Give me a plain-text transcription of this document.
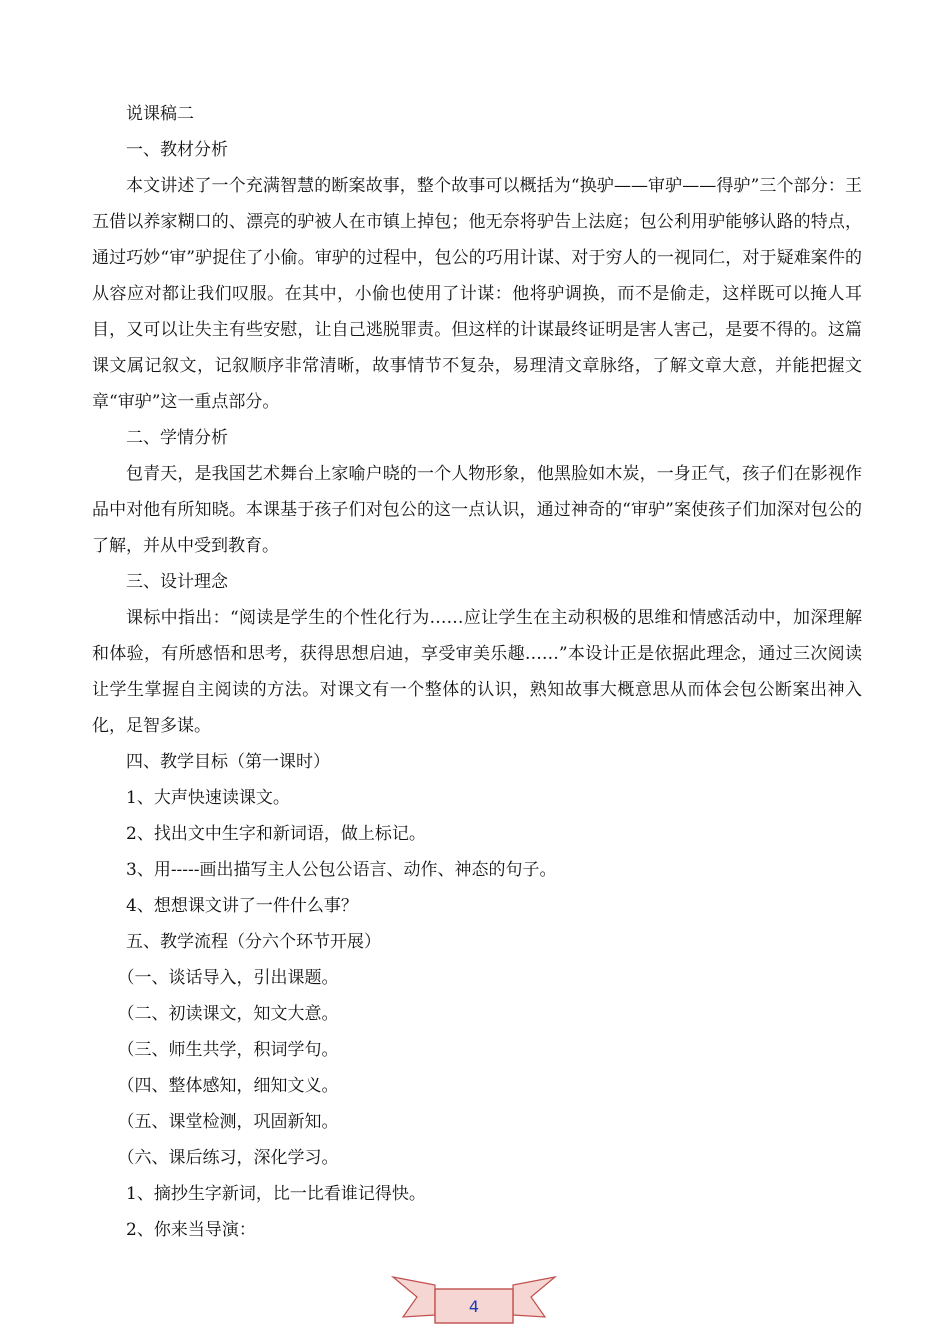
说课稿二

一、教材分析

本文讲述了一个充满智慧的断案故事，整个故事可以概括为“换驴——审驴——得驴”三个部分：王五借以养家糊口的、漂亮的驴被人在市镇上掉包；他无奈将驴告上法庭；包公利用驴能够认路的特点，通过巧妙“审”驴捉住了小偷。审驴的过程中，包公的巧用计谋、对于穷人的一视同仁，对于疑难案件的从容应对都让我们叹服。在其中，小偷也使用了计谋：他将驴调换，而不是偷走，这样既可以掩人耳目，又可以让失主有些安慰，让自己逃脱罪责。但这样的计谋最终证明是害人害己，是要不得的。这篇课文属记叙文，记叙顺序非常清晰，故事情节不复杂，易理清文章脉络，了解文章大意，并能把握文章“审驴”这一重点部分。

二、学情分析

包青天，是我国艺术舞台上家喻户晓的一个人物形象，他黑脸如木炭，一身正气，孩子们在影视作品中对他有所知晓。本课基于孩子们对包公的这一点认识，通过神奇的“审驴”案使孩子们加深对包公的了解，并从中受到教育。

三、设计理念

课标中指出：“阅读是学生的个性化行为……应让学生在主动积极的思维和情感活动中，加深理解和体验，有所感悟和思考，获得思想启迪，享受审美乐趣……”本设计正是依据此理念，通过三次阅读让学生掌握自主阅读的方法。对课文有一个整体的认识，熟知故事大概意思从而体会包公断案出神入化，足智多谋。

四、教学目标（第一课时）

1、大声快速读课文。

2、找出文中生字和新词语，做上标记。

3、用-----画出描写主人公包公语言、动作、神态的句子。

4、想想课文讲了一件什么事？

五、教学流程（分六个环节开展）

（一、谈话导入，引出课题。

（二、初读课文，知文大意。

（三、师生共学，积词学句。

（四、整体感知，细知文义。

（五、课堂检测，巩固新知。

（六、课后练习，深化学习。

1、摘抄生字新词，比一比看谁记得快。

2、你来当导演：

4
